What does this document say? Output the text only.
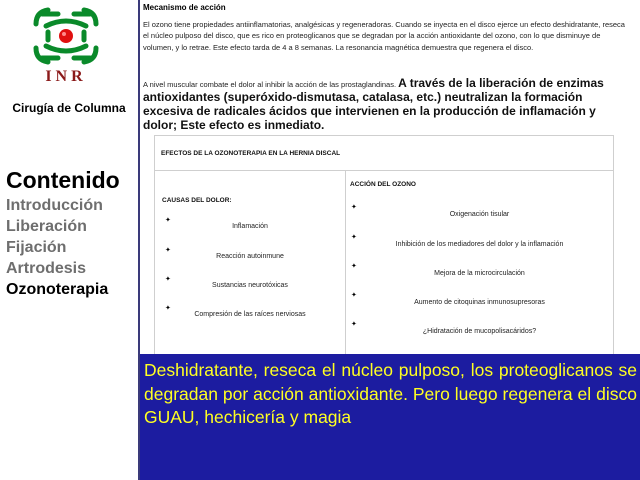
INR
Cirugía de Columna
Contenido
Introducción
Liberación
Fijación
Artrodesis
Ozonoterapia
Mecanismo de acción
El ozono tiene propiedades antiinflamatorias, analgésicas y regeneradoras. Cuando se inyecta en el disco ejerce un efecto deshidratante, reseca el núcleo pulposo del disco, que es rico en proteoglicanos que se degradan por la acción antioxidante del ozono, con lo que disminuye de volumen, y lo retrae. Este efecto tarda de 4 a 8 semanas. La resonancia magnética demuestra que regenera el disco.
A nivel muscular combate el dolor al inhibir la acción de las prostaglandinas. A través de la liberación de enzimas antioxidantes (superóxido-dismutasa, catalasa, etc.) neutralizan la formación excesiva de radicales ácidos que intervienen en la producción de inflamación y dolor; Este efecto es inmediato.
EFECTOS DE LA OZONOTERAPIA EN LA HERNIA DISCAL
CAUSAS DEL DOLOR:
✦
Inflamación
✦
Reacción autoinmune
✦
Sustancias neurotóxicas
✦
Compresión de las raíces nerviosas
ACCIÓN DEL OZONO
✦
Oxigenación tisular
✦
Inhibición de los mediadores del dolor y la inflamación
✦
Mejora de la microcirculación
✦
Aumento de citoquinas inmunosupresoras
✦
¿Hidratación de mucopolisacáridos?
Deshidratante, reseca el núcleo pulposo, los proteoglicanos se degradan por acción antioxidante. Pero luego regenera el disco GUAU, hechicería y magia
